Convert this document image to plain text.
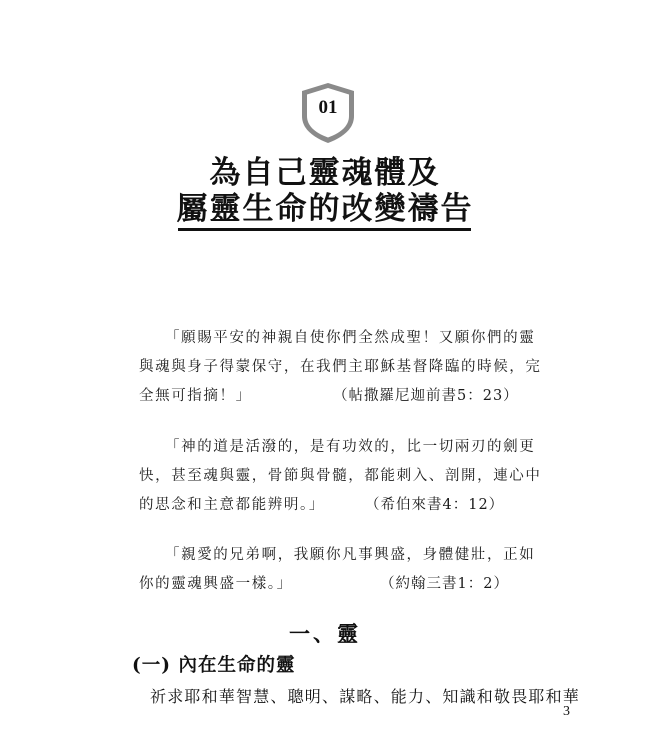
01
為自己靈魂體及
屬靈生命的改變禱告
「願賜平安的神親自使你們全然成聖！又願你們的靈
與魂與身子得蒙保守，在我們主耶穌基督降臨的時候，完
全無可指摘！」	（帖撒羅尼迦前書5：23）
「神的道是活潑的，是有功效的，比一切兩刃的劍更
快，甚至魂與靈，骨節與骨髓，都能刺入、剖開，連心中
的思念和主意都能辨明。」	（希伯來書4：12）
「親愛的兄弟啊，我願你凡事興盛，身體健壯，正如
你的靈魂興盛一樣。」	（約翰三書1：2）
一、靈
(一) 內在生命的靈
祈求耶和華智慧、聰明、謀略、能力、知識和敬畏耶和華
3
